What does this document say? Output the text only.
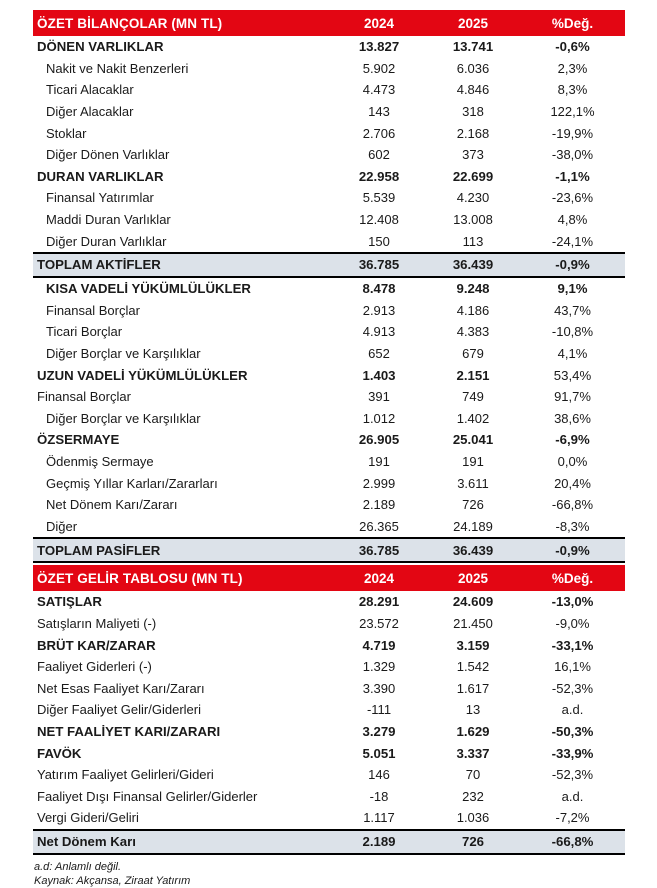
ÖZET BİLANÇOLAR (MN TL)	2024	2025	%Değ.
DÖNEN VARLIKLAR	13.827	13.741	-0,6%
Nakit ve Nakit Benzerleri	5.902	6.036	2,3%
Ticari Alacaklar	4.473	4.846	8,3%
Diğer Alacaklar	143	318	122,1%
Stoklar	2.706	2.168	-19,9%
Diğer Dönen Varlıklar	602	373	-38,0%
DURAN VARLIKLAR	22.958	22.699	-1,1%
Finansal Yatırımlar	5.539	4.230	-23,6%
Maddi Duran Varlıklar	12.408	13.008	4,8%
Diğer Duran Varlıklar	150	113	-24,1%
TOPLAM AKTİFLER	36.785	36.439	-0,9%
KISA VADELİ YÜKÜMLÜLÜKLER	8.478	9.248	9,1%
Finansal Borçlar	2.913	4.186	43,7%
Ticari Borçlar	4.913	4.383	-10,8%
Diğer Borçlar ve Karşılıklar	652	679	4,1%
UZUN VADELİ YÜKÜMLÜLÜKLER	1.403	2.151	53,4%
Finansal Borçlar	391	749	91,7%
Diğer Borçlar ve Karşılıklar	1.012	1.402	38,6%
ÖZSERMAYE	26.905	25.041	-6,9%
Ödenmiş Sermaye	191	191	0,0%
Geçmiş Yıllar Karları/Zararları	2.999	3.611	20,4%
Net Dönem Karı/Zararı	2.189	726	-66,8%
Diğer	26.365	24.189	-8,3%
TOPLAM PASİFLER	36.785	36.439	-0,9%
ÖZET GELİR TABLOSU (MN TL)	2024	2025	%Değ.
SATIŞLAR	28.291	24.609	-13,0%
Satışların Maliyeti (-)	23.572	21.450	-9,0%
BRÜT KAR/ZARAR	4.719	3.159	-33,1%
Faaliyet Giderleri (-)	1.329	1.542	16,1%
Net Esas Faaliyet Karı/Zararı	3.390	1.617	-52,3%
Diğer Faaliyet Gelir/Giderleri	-111	13	a.d.
NET FAALİYET KARI/ZARARI	3.279	1.629	-50,3%
FAVÖK	5.051	3.337	-33,9%
Yatırım Faaliyet Gelirleri/Gideri	146	70	-52,3%
Faaliyet Dışı Finansal Gelirler/Giderler	-18	232	a.d.
Vergi Gideri/Geliri	1.117	1.036	-7,2%
Net Dönem Karı	2.189	726	-66,8%
a.d: Anlamlı değil.
Kaynak: Akçansa, Ziraat Yatırım
